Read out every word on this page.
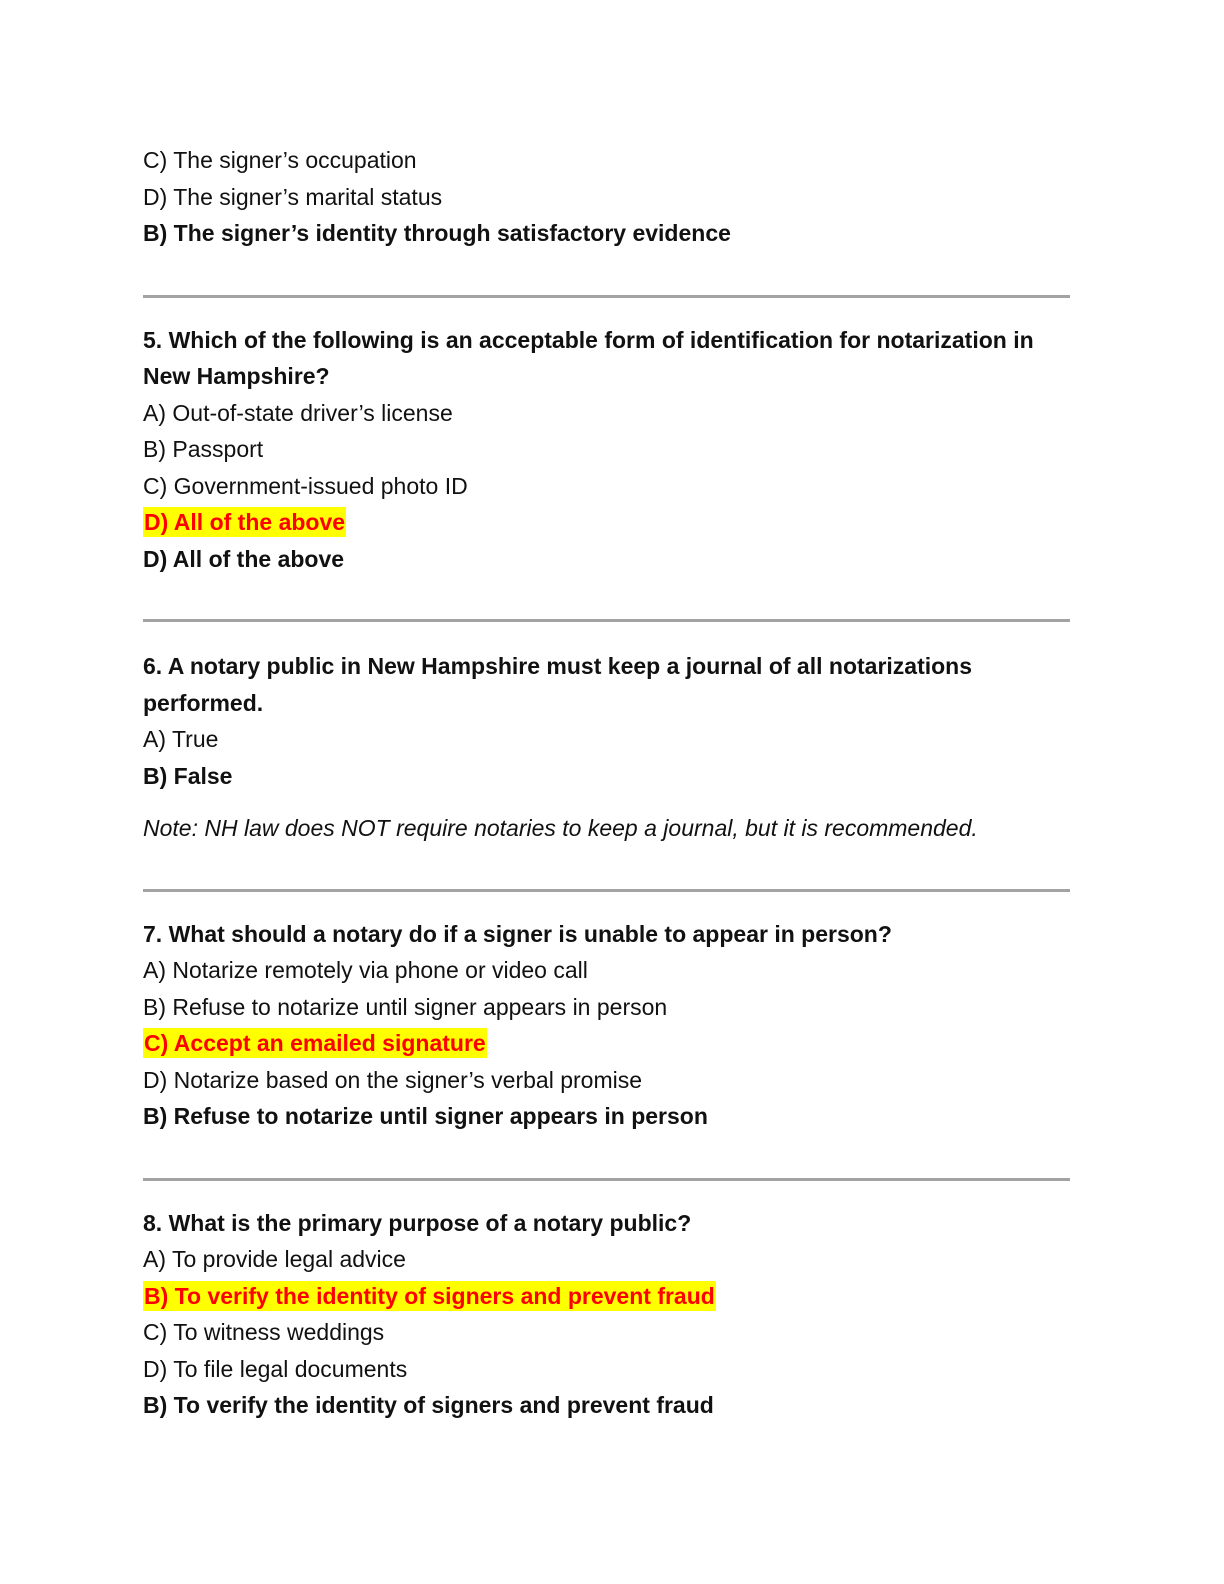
C) The signer’s occupation
D) The signer’s marital status
B) The signer’s identity through satisfactory evidence
5. Which of the following is an acceptable form of identification for notarization in New Hampshire?
A) Out-of-state driver’s license
B) Passport
C) Government-issued photo ID
D) All of the above
D) All of the above
6. A notary public in New Hampshire must keep a journal of all notarizations performed.
A) True
B) False
Note: NH law does NOT require notaries to keep a journal, but it is recommended.
7. What should a notary do if a signer is unable to appear in person?
A) Notarize remotely via phone or video call
B) Refuse to notarize until signer appears in person
C) Accept an emailed signature
D) Notarize based on the signer’s verbal promise
B) Refuse to notarize until signer appears in person
8. What is the primary purpose of a notary public?
A) To provide legal advice
B) To verify the identity of signers and prevent fraud
C) To witness weddings
D) To file legal documents
B) To verify the identity of signers and prevent fraud
